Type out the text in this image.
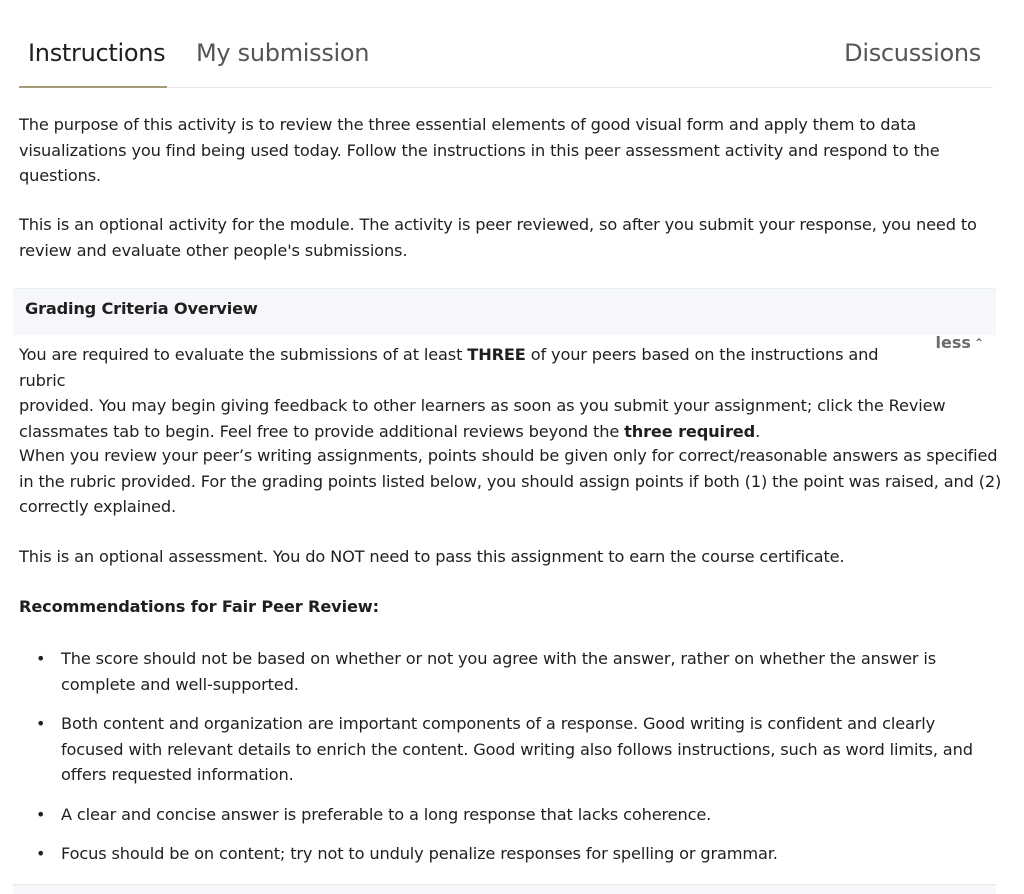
Instructions My submission	Discussions
The purpose of this activity is to review the three essential elements of good visual form and apply them to data
visualizations you find being used today. Follow the instructions in this peer assessment activity and respond to the
questions.
This is an optional activity for the module. The activity is peer reviewed, so after you submit your response, you need to
review and evaluate other people's submissions.
Grading Criteria Overview
less ⌃
You are required to evaluate the submissions of at least THREE of your peers based on the instructions and rubric
provided. You may begin giving feedback to other learners as soon as you submit your assignment; click the Review
classmates tab to begin. Feel free to provide additional reviews beyond the three required.
When you review your peer’s writing assignments, points should be given only for correct/reasonable answers as specified
in the rubric provided. For the grading points listed below, you should assign points if both (1) the point was raised, and (2)
correctly explained.
This is an optional assessment. You do NOT need to pass this assignment to earn the course certificate.
Recommendations for Fair Peer Review:
• The score should not be based on whether or not you agree with the answer, rather on whether the answer is
complete and well-supported.
• Both content and organization are important components of a response. Good writing is confident and clearly
focused with relevant details to enrich the content. Good writing also follows instructions, such as word limits, and
offers requested information.
• A clear and concise answer is preferable to a long response that lacks coherence.
• Focus should be on content; try not to unduly penalize responses for spelling or grammar.
